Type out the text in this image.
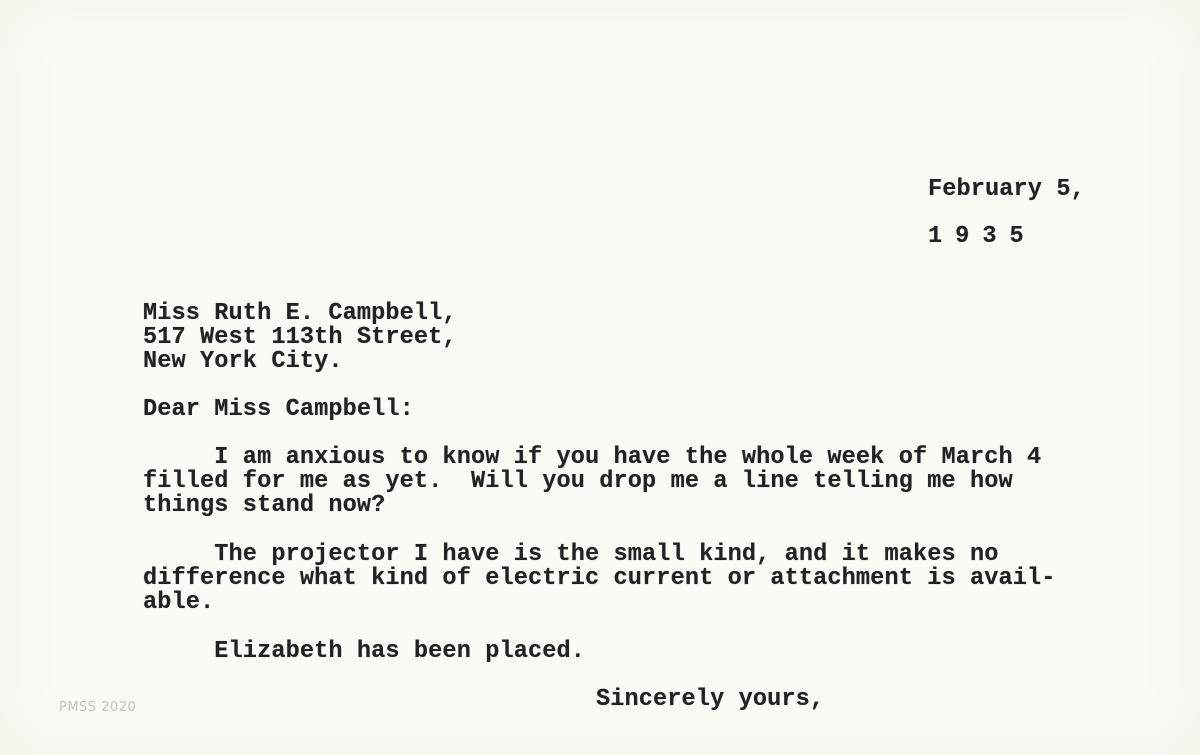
February 5,

1935

Miss Ruth E. Campbell,

517 West 113th Street,

New York City.

Dear Miss Campbell:

I am anxious to know if you have the whole week of March 4

filled for me as yet.  Will you drop me a line telling me how

things stand now?

The projector I have is the small kind, and it makes no

difference what kind of electric current or attachment is avail-

able.

Elizabeth has been placed.

Sincerely yours,

PMSS 2020
